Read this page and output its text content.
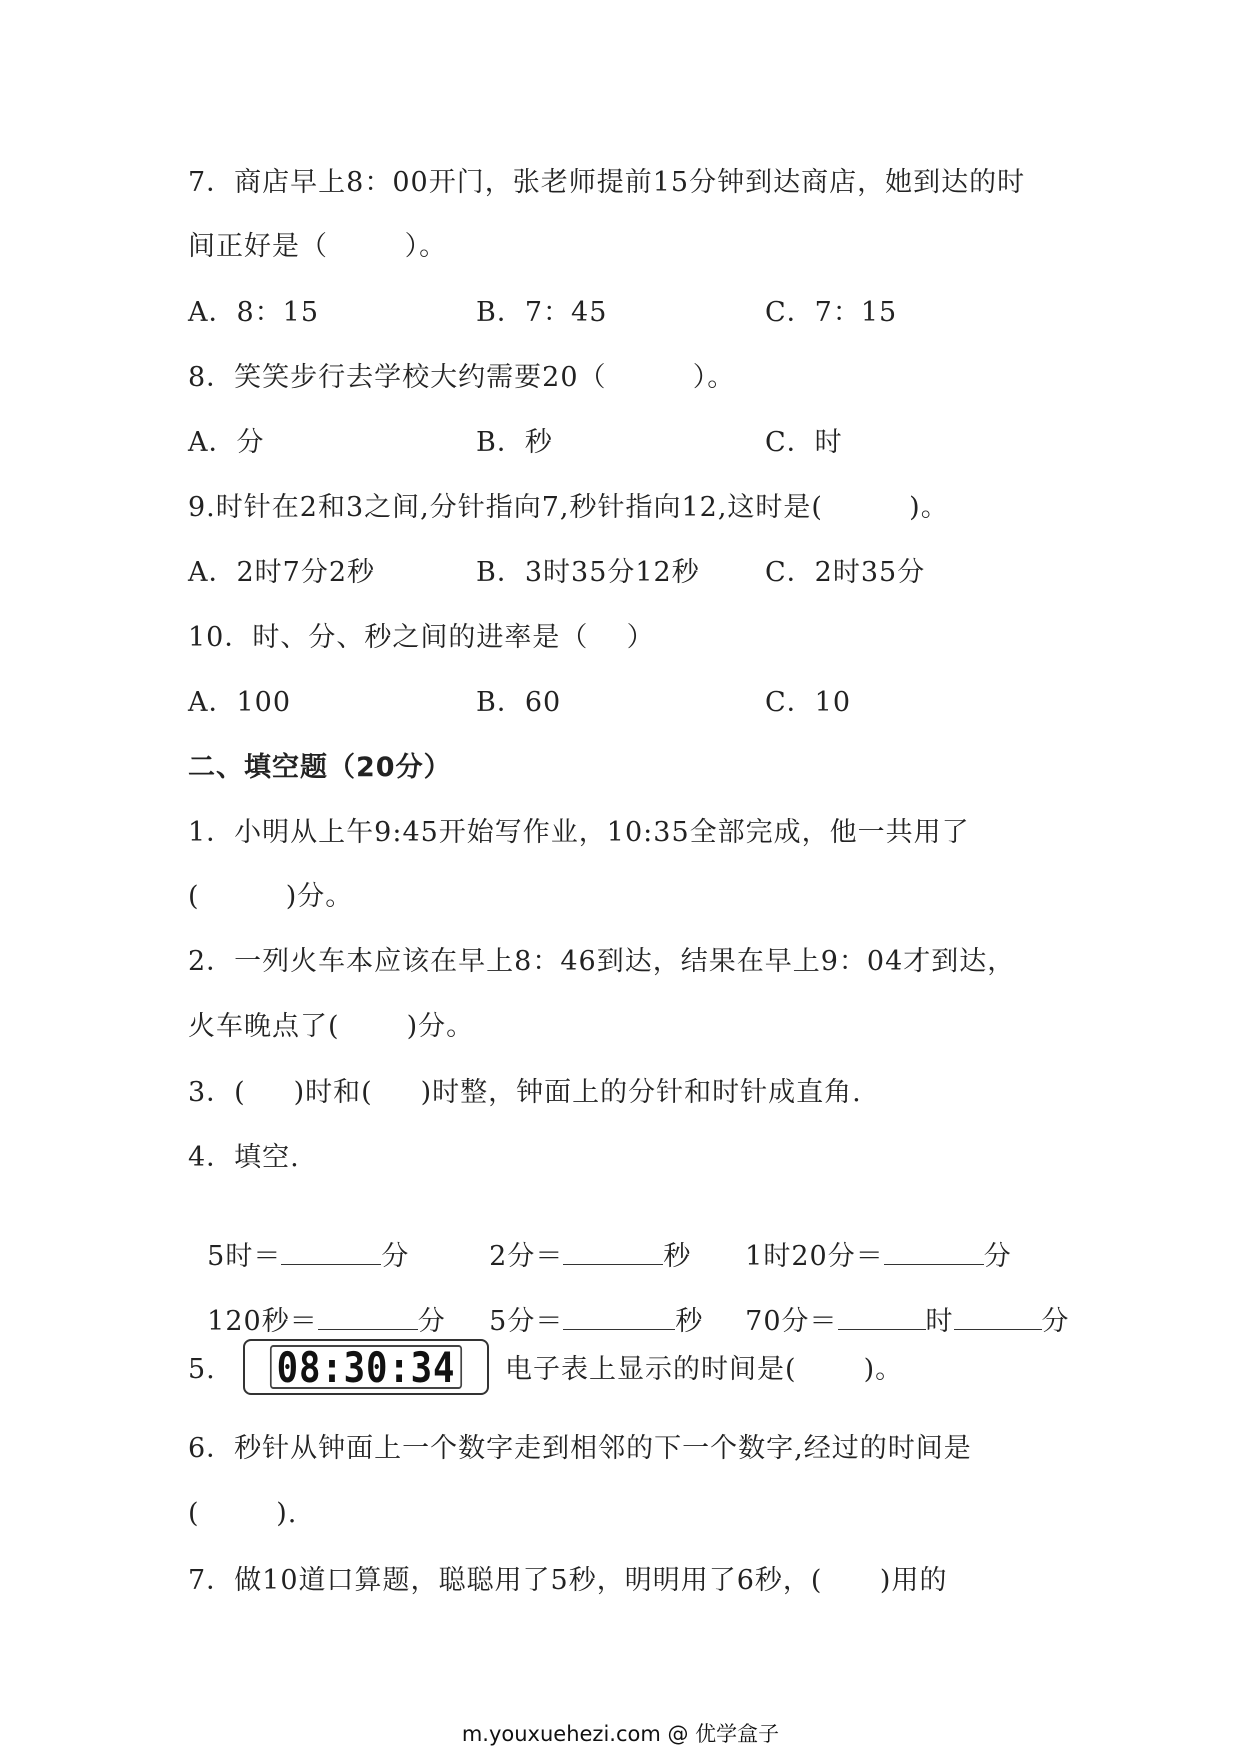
7．商店早上8：00开门，张老师提前15分钟到达商店，她到达的时
间正好是（        ）。
A．8：15	B．7：45	C．7：15
8．笑笑步行去学校大约需要20（         ）。
A．分	B．秒	C．时
9.时针在2和3之间,分针指向7,秒针指向12,这时是(         )。
A．2时7分2秒	B．3时35分12秒 C．2时35分
10．时、分、秒之间的进率是（    ）
A．100	B．60	C．10
二、填空题（20分）
1．小明从上午9:45开始写作业，10:35全部完成，他一共用了
(         )分。
2．一列火车本应该在早上8：46到达，结果在早上9：04才到达，
火车晚点了(       )分。
3．(     )时和(     )时整，钟面上的分针和时针成直角.
4．填空.

5时＝	分	2分＝	秒	1时20分＝	分

120秒＝	分	5分＝	秒	70分＝	时	分

5. 08:30:34 电子表上显示的时间是(       )。
6．秒针从钟面上一个数字走到相邻的下一个数字,经过的时间是
(        ).
7．做10道口算题，聪聪用了5秒，明明用了6秒，(      )用的
m.youxuehezi.com @ 优学盒子
